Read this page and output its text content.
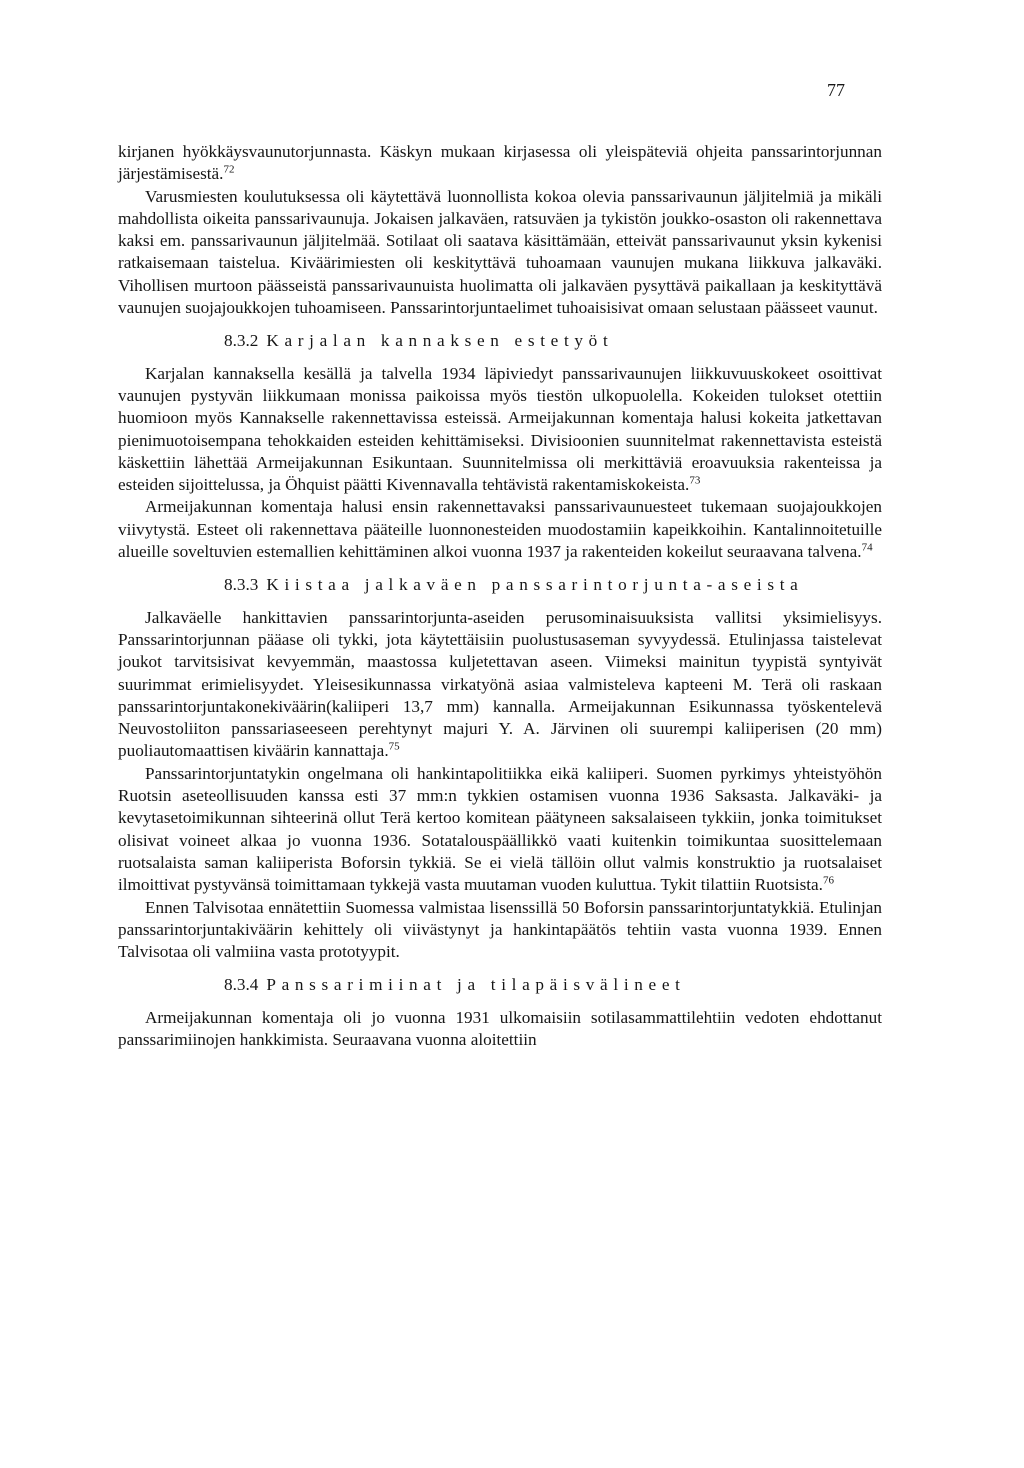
77

kirjanen hyökkäysvaunutorjunnasta. Käskyn mukaan kirjasessa oli yleispäteviä ohjeita panssarintorjunnan järjestämisestä.$^{72}$

Varusmiesten koulutuksessa oli käytettävä luonnollista kokoa olevia panssarivaunun jäljitelmiä ja mikäli mahdollista oikeita panssarivaunuja. Jokaisen jalkaväen, ratsuväen ja tykistön joukko-osaston oli rakennettava kaksi em. panssarivaunun jäljitelmää. Sotilaat oli saatava käsittämään, etteivät panssarivaunut yksin kykenisi ratkaisemaan taistelua. Kiväärimiesten oli keskityttävä tuhoamaan vaunujen mukana liikkuva jalkaväki. Vihollisen murtoon päässeistä panssarivaunuista huolimatta oli jalkaväen pysyttävä paikallaan ja keskityttävä vaunujen suojajoukkojen tuhoamiseen. Panssarintorjuntaelimet tuhoaisisivat omaan selustaan päässeet vaunut.

8.3.2 Karjalan kannaksen estetyöt

Karjalan kannaksella kesällä ja talvella 1934 läpiviedyt panssarivaunujen liikkuvuuskokeet osoittivat vaunujen pystyvän liikkumaan monissa paikoissa myös tiestön ulkopuolella. Kokeiden tulokset otettiin huomioon myös Kannakselle rakennettavissa esteissä. Armeijakunnan komentaja halusi kokeita jatkettavan pienimuotoisempana tehokkaiden esteiden kehittämiseksi. Divisioonien suunnitelmat rakennettavista esteistä käskettiin lähettää Armeijakunnan Esikuntaan. Suunnitelmissa oli merkittäviä eroavuuksia rakenteissa ja esteiden sijoittelussa, ja Öhquist päätti Kivennavalla tehtävistä rakentamiskokeista.$^{73}$

Armeijakunnan komentaja halusi ensin rakennettavaksi panssarivaunuesteet tukemaan suojajoukkojen viivytystä. Esteet oli rakennettava pääteille luonnonesteiden muodostamiin kapeikkoihin. Kantalinnoitetuille alueille soveltuvien estemallien kehittäminen alkoi vuonna 1937 ja rakenteiden kokeilut seuraavana talvena.$^{74}$

8.3.3 Kiistaa jalkaväen panssarintorjunta-aseista

Jalkaväelle hankittavien panssarintorjunta-aseiden perusominaisuuksista vallitsi yksimielisyys. Panssarintorjunnan pääase oli tykki, jota käytettäisiin puolustusaseman syvyydessä. Etulinjassa taistelevat joukot tarvitsisivat kevyemmän, maastossa kuljetettavan aseen. Viimeksi mainitun tyypistä syntyivät suurimmat erimielisyydet. Yleisesikunnassa virkatyönä asiaa valmisteleva kapteeni M. Terä oli raskaan panssarintorjuntakonekiväärin(kaliiperi 13,7 mm) kannalla. Armeijakunnan Esikunnassa työskentelevä Neuvostoliiton panssariaseeseen perehtynyt majuri Y. A. Järvinen oli suurempi kaliiperisen (20 mm) puoliautomaattisen kiväärin kannattaja.$^{75}$

Panssarintorjuntatykin ongelmana oli hankintapolitiikka eikä kaliiperi. Suomen pyrkimys yhteistyöhön Ruotsin aseteollisuuden kanssa esti 37 mm:n tykkien ostamisen vuonna 1936 Saksasta. Jalkaväki- ja kevytasetoimikunnan sihteerinä ollut Terä kertoo komitean päätyneen saksalaiseen tykkiin, jonka toimitukset olisivat voineet alkaa jo vuonna 1936. Sotatalouspäällikkö vaati kuitenkin toimikuntaa suosittelemaan ruotsalaista saman kaliiperista Boforsin tykkiä. Se ei vielä tällöin ollut valmis konstruktio ja ruotsalaiset ilmoittivat pystyvänsä toimittamaan tykkejä vasta muutaman vuoden kuluttua. Tykit tilattiin Ruotsista.$^{76}$

Ennen Talvisotaa ennätettiin Suomessa valmistaa lisenssillä 50 Boforsin panssarintorjuntatykkiä. Etulinjan panssarintorjuntakiväärin kehittely oli viivästynyt ja hankintapäätös tehtiin vasta vuonna 1939. Ennen Talvisotaa oli valmiina vasta prototyypit.

8.3.4 Panssarimiinat ja tilapäisvälineet

Armeijakunnan komentaja oli jo vuonna 1931 ulkomaisiin sotilasammattilehtiin vedoten ehdottanut panssarimiinojen hankkimista. Seuraavana vuonna aloitettiin
